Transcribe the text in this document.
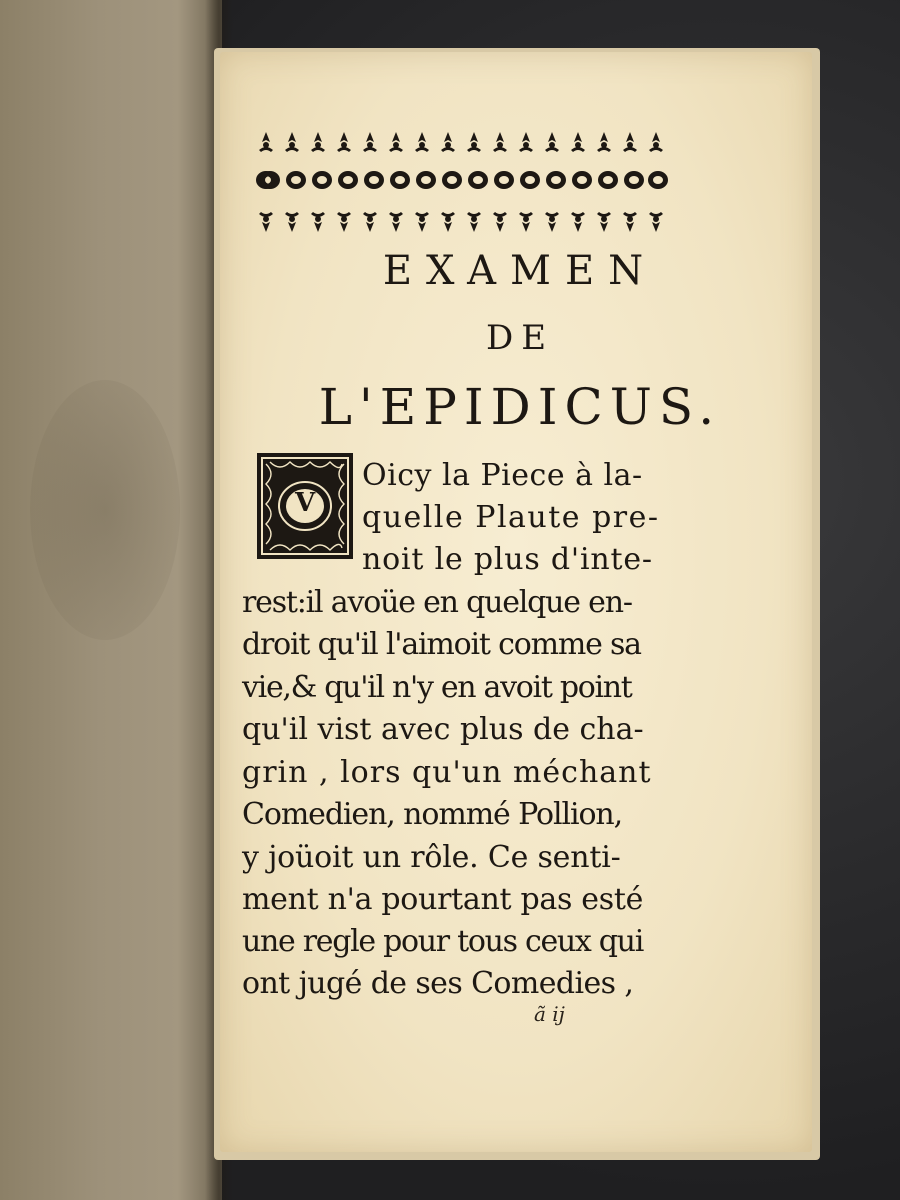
EXAMEN
DE
L'EPIDICUS.
V
Oicy la Piece à la-
quelle Plaute pre-
noit le plus d'inte-
rest:il avoüe en quelque en-
droit qu'il l'aimoit comme sa
vie,& qu'il n'y en avoit point
qu'il vist avec plus de cha-
grin , lors qu'un méchant
Comedien, nommé Pollion,
y joüoit un rôle. Ce senti-
ment n'a pourtant pas esté
une regle pour tous ceux qui
ont jugé de ses Comedies ,
ã ij
